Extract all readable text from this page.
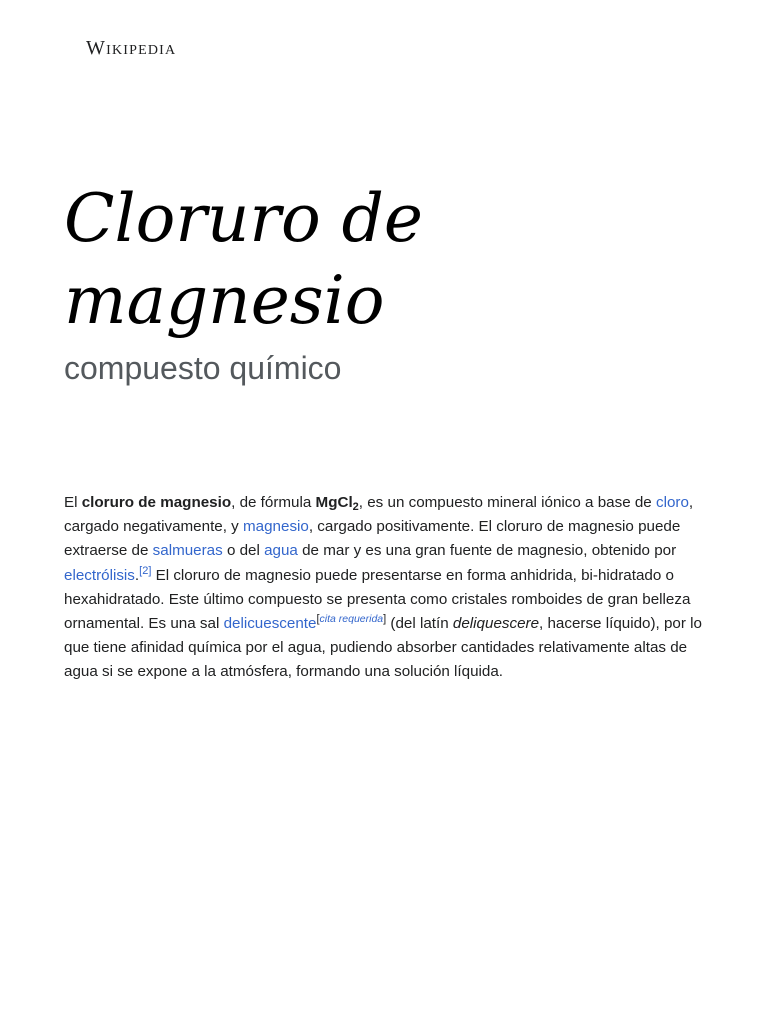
Wikipedia
Cloruro de magnesio
compuesto químico

El cloruro de magnesio, de fórmula MgCl$_2$, es un compuesto mineral iónico a base de cloro, cargado negativamente, y magnesio, cargado positivamente. El cloruro de magnesio puede extraerse de salmueras o del agua de mar y es una gran fuente de magnesio, obtenido por electrólisis.[2] El cloruro de magnesio puede presentarse en forma anhidrida, bi-hidratado o hexahidratado. Este último compuesto se presenta como cristales romboides de gran belleza ornamental. Es una sal delicuescente[cita requerida] (del latín deliquescere, hacerse líquido), por lo que tiene afinidad química por el agua, pudiendo absorber cantidades relativamente altas de agua si se expone a la atmósfera, formando una solución líquida.
